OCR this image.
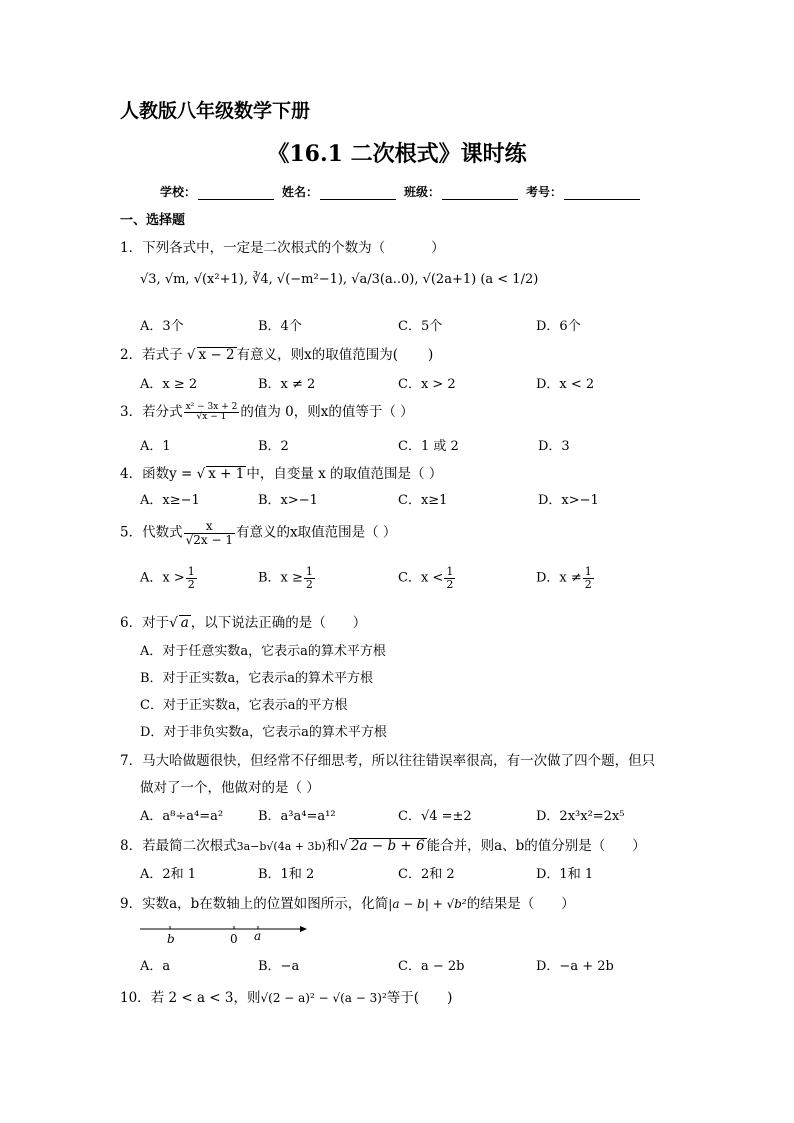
人教版八年级数学下册
《16.1 二次根式》课时练
学校：	姓名：	班级：	考号：
一、选择题
1．下列各式中，一定是二次根式的个数为（	）
√3, √m, √(x²+1), ∛4, √(−m²−1), √a/3(a..0), √(2a+1) (a < 1/2)
A．3个	B．4个	C．5个	D．6个
2．若式子 √ x − 2 有意义，则x的取值范围为( )
A．x ≥ 2	B．x ≠ 2	C．x > 2	D．x < 2
3．若分式 $\frac{\text{x² − 3x + 2}}{√x - 1}$ 的值为 0，则x的值等于（ ）
A．1	B．2	C．1 或 2	D．3
4．函数y = √ x + 1 中，自变量 x 的取值范围是（ ）
A．x≥−1	B．x>−1	C．x≥1	D．x>−1
5．代数式 $\frac{x}{√2x - 1}$ 有意义的x取值范围是（ ）
A．$x > \frac{1}{2}$	B．$x \ge \frac{1}{2}$	C．$x < \frac{1}{2}$	D．$x \ne \frac{1}{2}$
6．对于√ a ，以下说法正确的是（　　）
A．对于任意实数a，它表示a的算术平方根
B．对于正实数a，它表示a的算术平方根
C．对于正实数a，它表示a的平方根
D．对于非负实数a，它表示a的算术平方根
7．马大哈做题很快，但经常不仔细思考，所以往往错误率很高，有一次做了四个题，但只
做对了一个，他做对的是（ ）
A．a⁸÷a⁴=a²	B．a³a⁴=a¹²	C．√4 =±2	D．2x³x²=2x⁵
8．若最简二次根式3a−b√(4a + 3b)和√ 2a − b + 6 能合并，则a、b的值分别是（　　）
A．2和 1	B．1和 2	C．2和 2	D．1和 1
9．实数a，b在数轴上的位置如图所示，化简|a − b| + √b²的结果是（　　）
b	0 a
A．a	B．−a	C．a − 2b	D．−a + 2b
10．若 2 < a < 3，则√(2 − a)² − √(a − 3)²等于( )
